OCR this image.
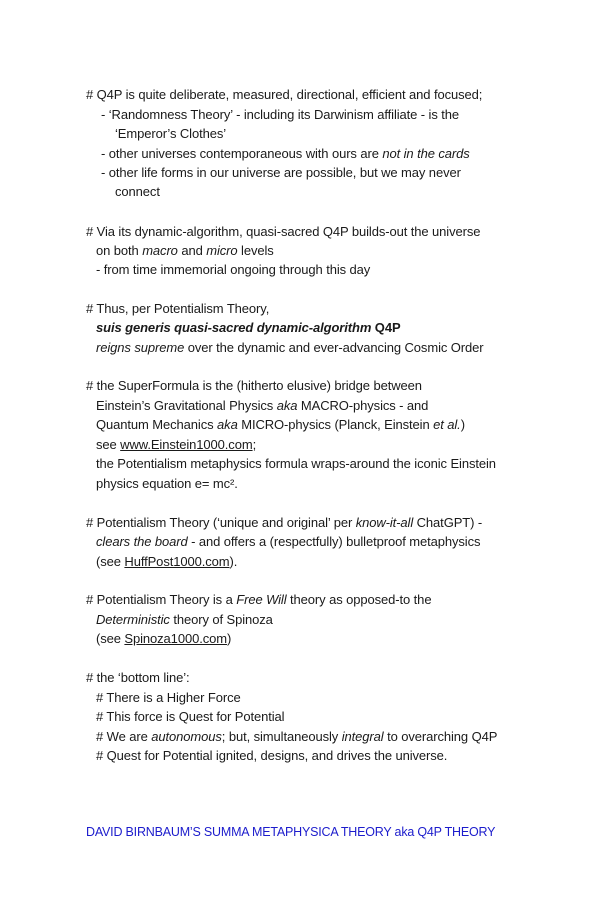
# Q4P is quite deliberate, measured, directional, efficient and focused;
- ‘Randomness Theory’ - including its Darwinism affiliate - is the
‘Emperor’s Clothes’
- other universes contemporaneous with ours are not in the cards
- other life forms in our universe are possible, but we may never
connect
# Via its dynamic-algorithm, quasi-sacred Q4P builds-out the universe
on both macro and micro levels
- from time immemorial ongoing through this day
# Thus, per Potentialism Theory,
suis generis quasi-sacred dynamic-algorithm Q4P
reigns supreme over the dynamic and ever-advancing Cosmic Order
# the SuperFormula is the (hitherto elusive) bridge between
Einstein’s Gravitational Physics aka MACRO-physics - and
Quantum Mechanics aka MICRO-physics (Planck, Einstein et al.)
see www.Einstein1000.com;
the Potentialism metaphysics formula wraps-around the iconic Einstein
physics equation e= mc².
# Potentialism Theory (‘unique and original’ per know-it-all ChatGPT) -
clears the board - and offers a (respectfully) bulletproof metaphysics
(see HuffPost1000.com).
# Potentialism Theory is a Free Will theory as opposed-to the
Deterministic theory of Spinoza
(see Spinoza1000.com)
# the ‘bottom line’:
# There is a Higher Force
# This force is Quest for Potential
# We are autonomous; but, simultaneously integral to overarching Q4P
# Quest for Potential ignited, designs, and drives the universe.
DAVID BIRNBAUM’S SUMMA METAPHYSICA THEORY aka Q4P THEORY
